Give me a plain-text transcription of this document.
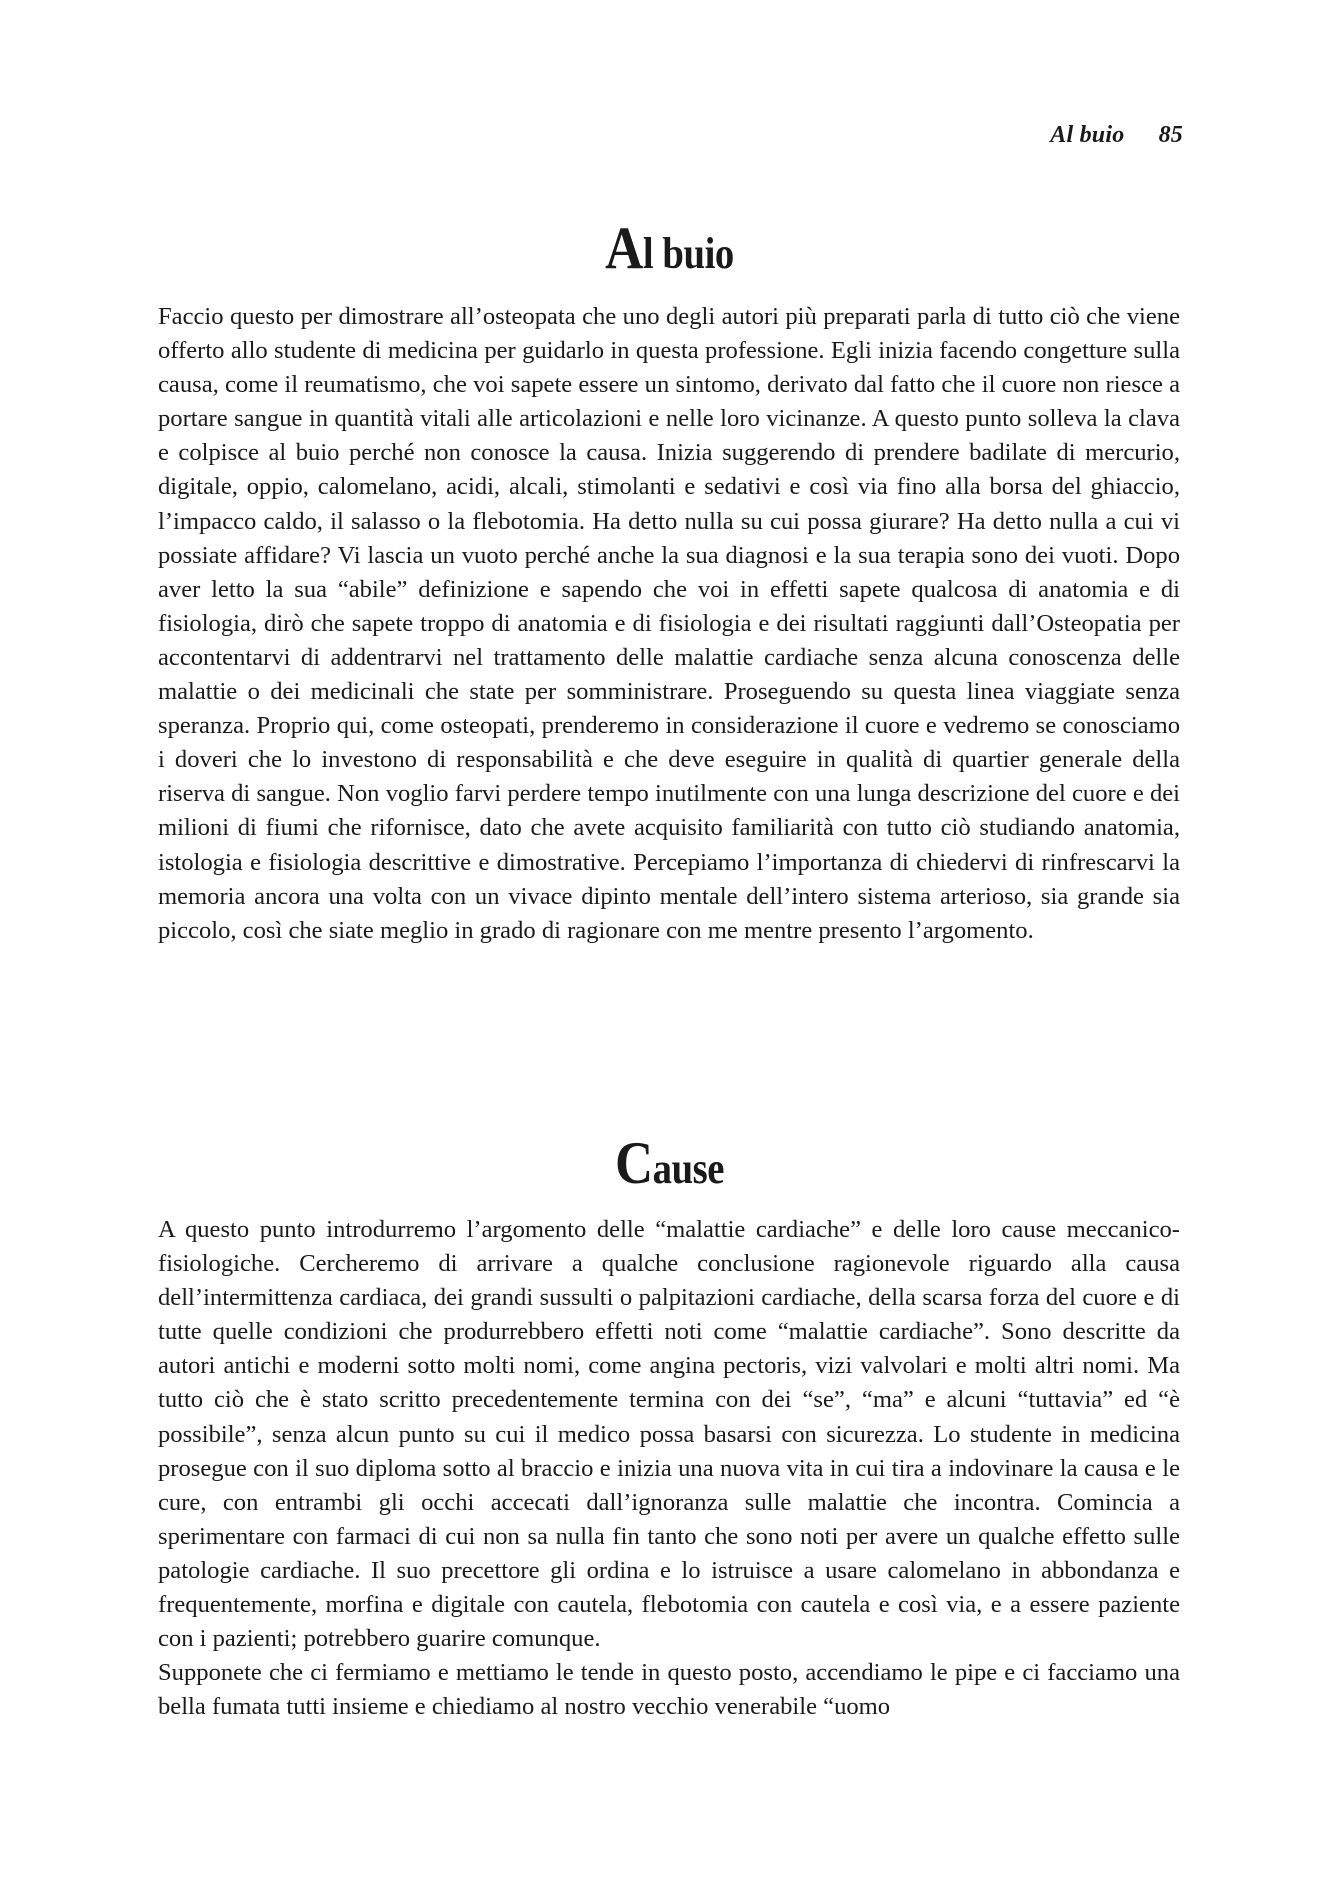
Al buio 85
Al buio

Faccio questo per dimostrare all’osteopata che uno degli autori più preparati parla di tutto ciò che viene offerto allo studente di medicina per guidarlo in questa professione. Egli inizia facendo congetture sulla causa, come il reumatismo, che voi sapete essere un sintomo, derivato dal fatto che il cuore non riesce a portare sangue in quantità vitali alle articolazioni e nelle loro vicinanze. A questo punto solleva la clava e colpisce al buio perché non conosce la causa. Inizia suggerendo di prendere badilate di mercurio, digitale, oppio, calomelano, acidi, alcali, stimolanti e sedativi e così via fino alla borsa del ghiaccio, l’impacco caldo, il salasso o la flebotomia. Ha detto nulla su cui possa giurare? Ha detto nulla a cui vi possiate affidare? Vi lascia un vuoto perché anche la sua diagnosi e la sua terapia sono dei vuoti. Dopo aver letto la sua “abile” definizione e sapendo che voi in effetti sapete qualcosa di anatomia e di fisiologia, dirò che sapete troppo di anatomia e di fisiologia e dei risultati raggiunti dall’Osteopatia per accontentarvi di addentrarvi nel trattamento delle malattie cardiache senza alcuna conoscenza delle malattie o dei medicinali che state per somministrare. Proseguendo su questa linea viaggiate senza speranza. Proprio qui, come osteopati, prenderemo in considerazione il cuore e vedremo se conosciamo i doveri che lo investono di responsabilità e che deve eseguire in qualità di quartier generale della riserva di sangue. Non voglio farvi perdere tempo inutilmente con una lunga descrizione del cuore e dei milioni di fiumi che rifornisce, dato che avete acquisito familiarità con tutto ciò studiando anatomia, istologia e fisiologia descrittive e dimostrative. Percepiamo l’importanza di chiedervi di rinfrescarvi la memoria ancora una volta con un vivace dipinto mentale dell’intero sistema arterioso, sia grande sia piccolo, così che siate meglio in grado di ragionare con me mentre presento l’argomento.

Cause

A questo punto introdurremo l’argomento delle “malattie cardiache” e delle loro cause meccanico-fisiologiche. Cercheremo di arrivare a qualche conclusione ragionevole riguardo alla causa dell’intermittenza cardiaca, dei grandi sussulti o palpitazioni cardiache, della scarsa forza del cuore e di tutte quelle condizioni che produrrebbero effetti noti come “malattie cardiache”. Sono descritte da autori antichi e moderni sotto molti nomi, come angina pectoris, vizi valvolari e molti altri nomi. Ma tutto ciò che è stato scritto precedentemente termina con dei “se”, “ma” e alcuni “tuttavia” ed “è possibile”, senza alcun punto su cui il medico possa basarsi con sicurezza. Lo studente in medicina prosegue con il suo diploma sotto al braccio e inizia una nuova vita in cui tira a indovinare la causa e le cure, con entrambi gli occhi accecati dall’ignoranza sulle malattie che incontra. Comincia a sperimentare con farmaci di cui non sa nulla fin tanto che sono noti per avere un qualche effetto sulle patologie cardiache. Il suo precettore gli ordina e lo istruisce a usare calomelano in abbondanza e frequentemente, morfina e digitale con cautela, flebotomia con cautela e così via, e a essere paziente con i pazienti; potrebbero guarire comunque.

Supponete che ci fermiamo e mettiamo le tende in questo posto, accendiamo le pipe e ci facciamo una bella fumata tutti insieme e chiediamo al nostro vecchio venerabile “uomo
